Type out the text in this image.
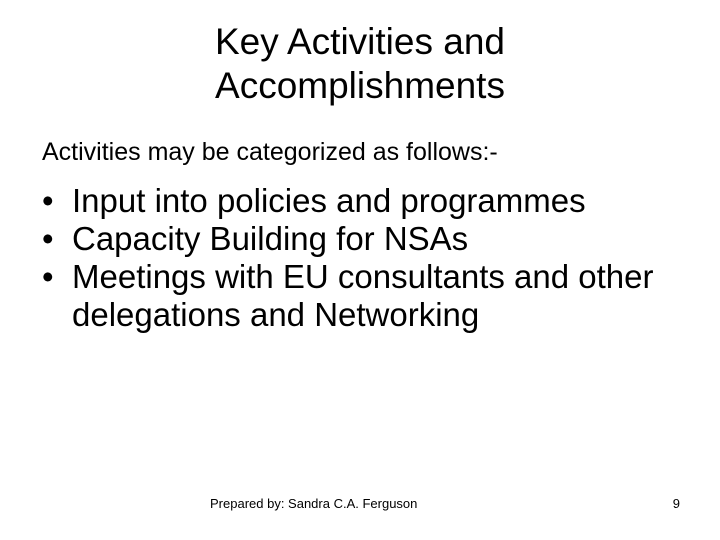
Key Activities and
Accomplishments
Activities may be categorized as follows:-
• Input into policies and programmes
• Capacity Building for NSAs
• Meetings with EU consultants and other delegations and Networking
Prepared by: Sandra C.A. Ferguson	9
